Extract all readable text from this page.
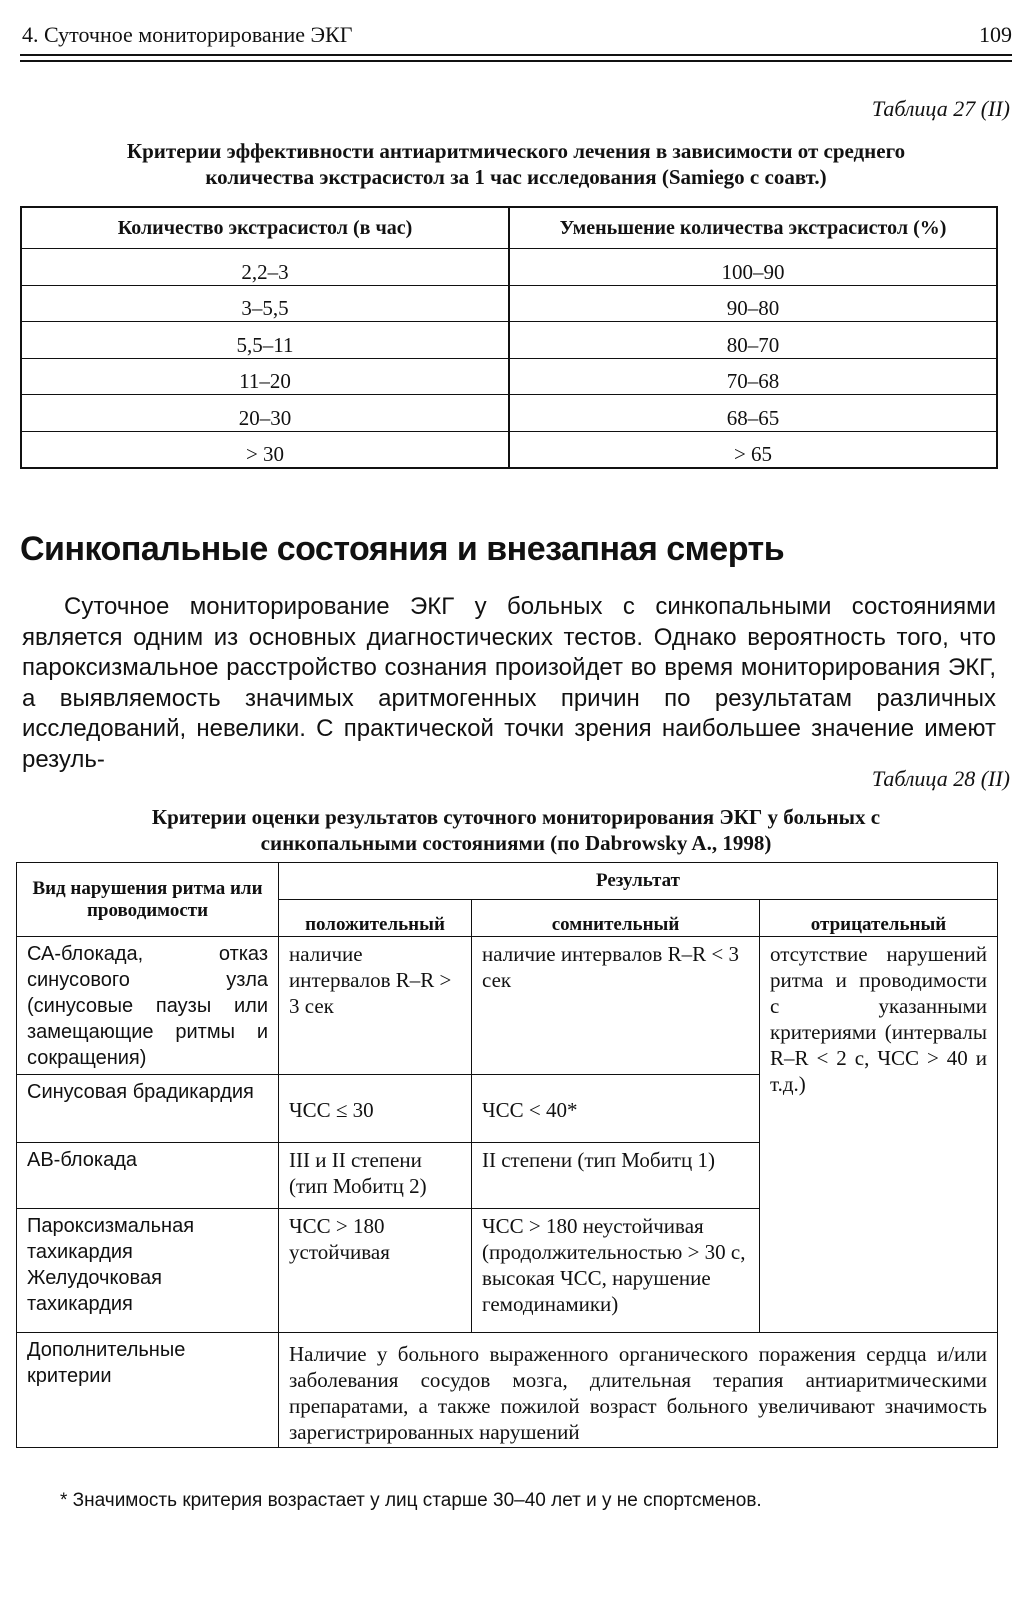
4. Суточное мониторирование ЭКГ	109
Таблица 27 (II)
Критерии эффективности антиаритмического лечения в зависимости от среднего
количества экстрасистол за 1 час исследования (Samiego с соавт.)
Количество экстрасистол (в час)	Уменьшение количества экстрасистол (%)
2,2–3	100–90
3–5,5	90–80
5,5–11	80–70
11–20	70–68
20–30	68–65
> 30	> 65
Синкопальные состояния и внезапная смерть
Суточное мониторирование ЭКГ у больных с синкопальными состояниями является одним из основных диагностических тестов. Однако вероятность того, что пароксизмальное расстройство сознания произойдет во время мониторирования ЭКГ, а выявляемость значимых аритмогенных причин по результатам различных исследований, невелики. С практической точки зрения наибольшее значение имеют резуль-
Таблица 28 (II)
Критерии оценки результатов суточного мониторирования ЭКГ у больных с
синкопальными состояниями (по Dabrowsky A., 1998)
Вид нарушения ритма или проводимости	Результат		
	положительный	сомнительный	отрицательный
СА-блокада, отказ синусового узла (синусовые паузы или замещающие ритмы и сокращения)	наличие интервалов R–R > 3 сек	наличие интервалов R–R < 3 сек	отсутствие нарушений ритма и проводимости с указанными критериями (интервалы R–R < 2 с, ЧСС > 40 и т.д.)
Синусовая брадикардия	ЧСС ≤ 30	ЧСС < 40*	
АВ-блокада	III и II степени (тип Мобитц 2)	II степени (тип Мобитц 1)	
Пароксизмальная тахикардия Желудочковая тахикардия	ЧСС > 180 устойчивая	ЧСС > 180 неустойчивая (продолжительностью > 30 с, высокая ЧСС, нарушение гемодинамики)	
Дополнительные критерии	Наличие у больного выраженного органического поражения сердца и/или заболевания сосудов мозга, длительная терапия антиаритмическими препаратами, а также пожилой возраст больного увеличивают значимость зарегистрированных нарушений		
* Значимость критерия возрастает у лиц старше 30–40 лет и у не спортсменов.
